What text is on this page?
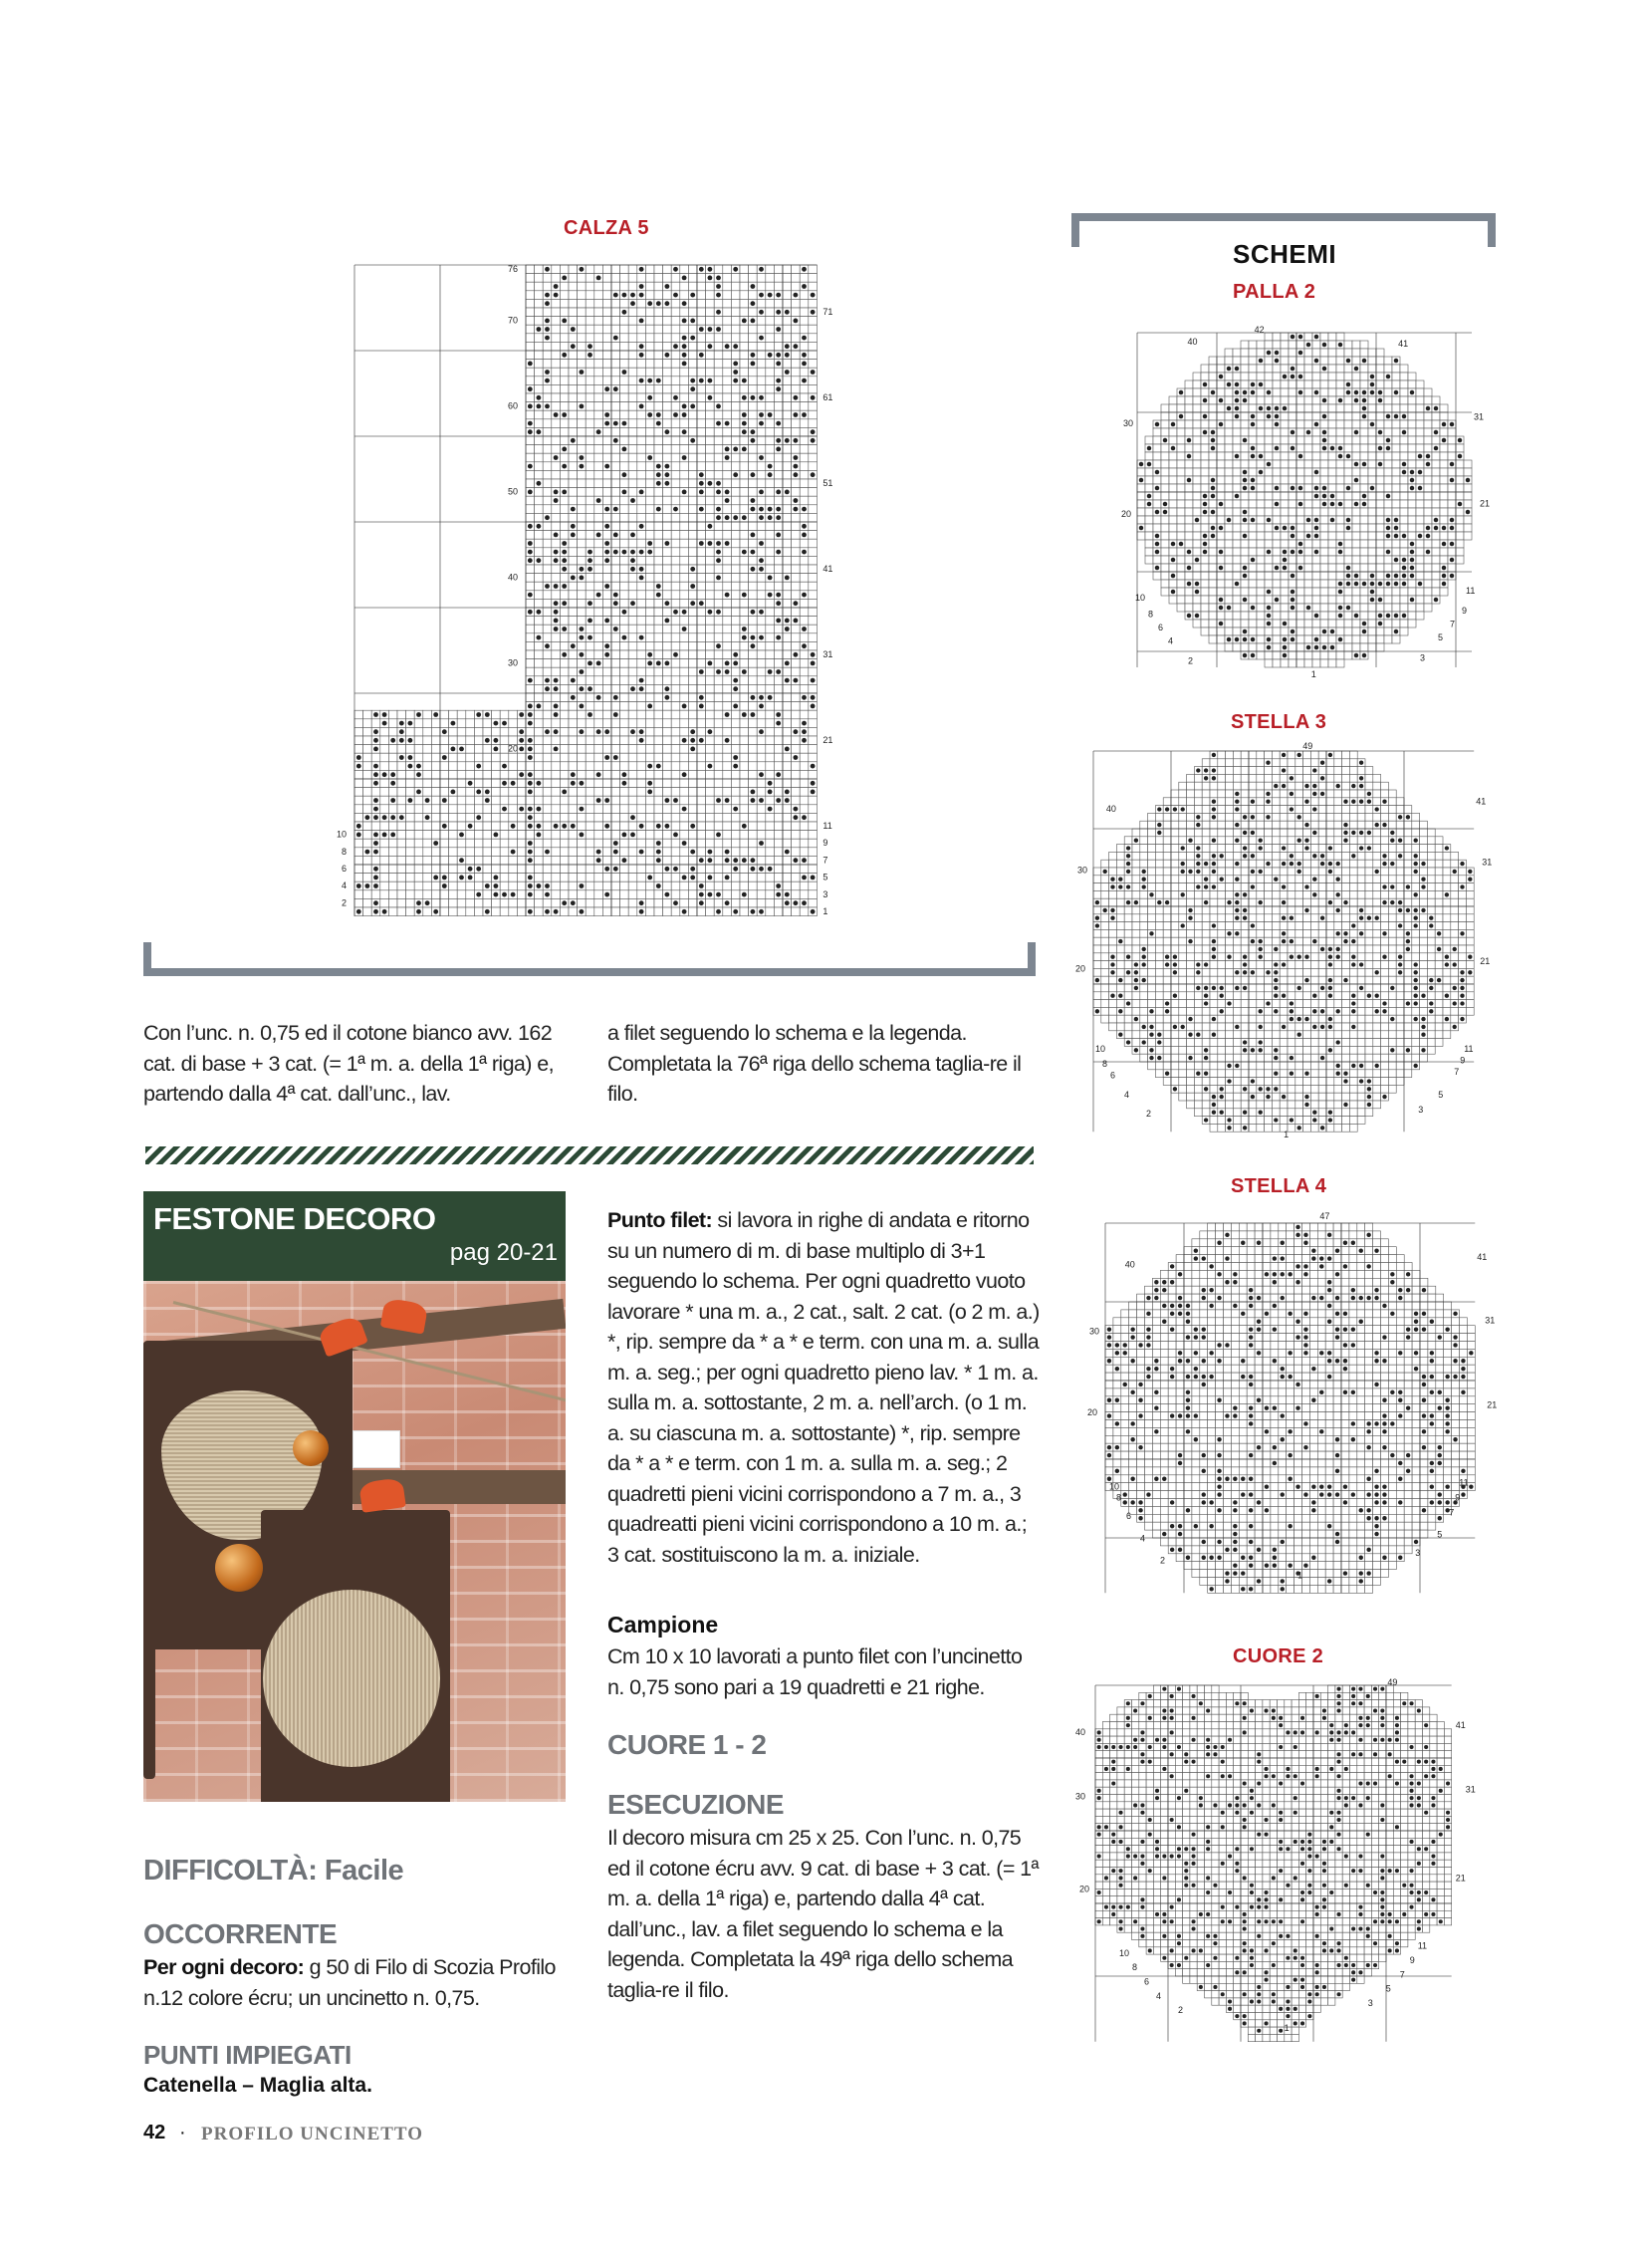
CALZA 5
76
70
60
50
40
30
20
10
8
6
4
2
71
61
51
41
31
21
11
9
7
5
3
1
SCHEMI
PALLA 2
42
41
40
31
30
21
20
11
10
9
8
7
6
5
4
3
2
1
STELLA 3
49
41
40
31
30
21
20
11
10
9
8
7
6
5
4
3
2
1
STELLA 4
47
41
40
31
30
21
20
11
10
9
8
7
6
5
4
3
2
1
CUORE 2
49
41
40
31
30
21
20
11
10
9
8
7
6
5
4
3
2
1
Con l’unc. n. 0,75 ed il cotone bianco avv. 162 cat. di base + 3 cat. (= 1ª m. a. della 1ª riga) e, partendo dalla 4ª cat. dall’unc., lav.
a filet seguendo lo schema e la legenda. Completata la 76ª riga dello schema taglia-re il filo.
FESTONE DECORO
pag 20-21
DIFFICOLTÀ: Facile
OCCORRENTE
Per ogni decoro: g 50 di Filo di Scozia Profilo n.12 colore écru; un uncinetto n. 0,75.
PUNTI IMPIEGATI
Catenella – Maglia alta.
Punto filet: si lavora in righe di andata e ritorno su un numero di m. di base multiplo di 3+1 seguendo lo schema. Per ogni quadretto vuoto lavorare * una m. a., 2 cat., salt. 2 cat. (o 2 m. a.) *, rip. sempre da * a * e term. con una m. a. sulla m. a. seg.; per ogni quadretto pieno lav. * 1 m. a. sulla m. a. sottostante, 2 m. a. nell’arch. (o 1 m. a. su ciascuna m. a. sottostante) *, rip. sempre da * a * e term. con 1 m. a. sulla m. a. seg.; 2 quadretti pieni vicini corrispondono a 7 m. a., 3 quadreatti pieni vicini corrispondono a 10 m. a.; 3 cat. sostituiscono la m. a. iniziale.
Campione
Cm 10 x 10 lavorati a punto filet con l’uncinetto n. 0,75 sono pari a 19 quadretti e 21 righe.
CUORE 1 - 2
ESECUZIONE
Il decoro misura cm 25 x 25. Con l’unc. n. 0,75 ed il cotone écru avv. 9 cat. di base + 3 cat. (= 1ª m. a. della 1ª riga) e, partendo dalla 4ª cat. dall’unc., lav. a filet seguendo lo schema e la legenda. Completata la 49ª riga dello schema taglia-re il filo.
42 · PROFILO UNCINETTO
